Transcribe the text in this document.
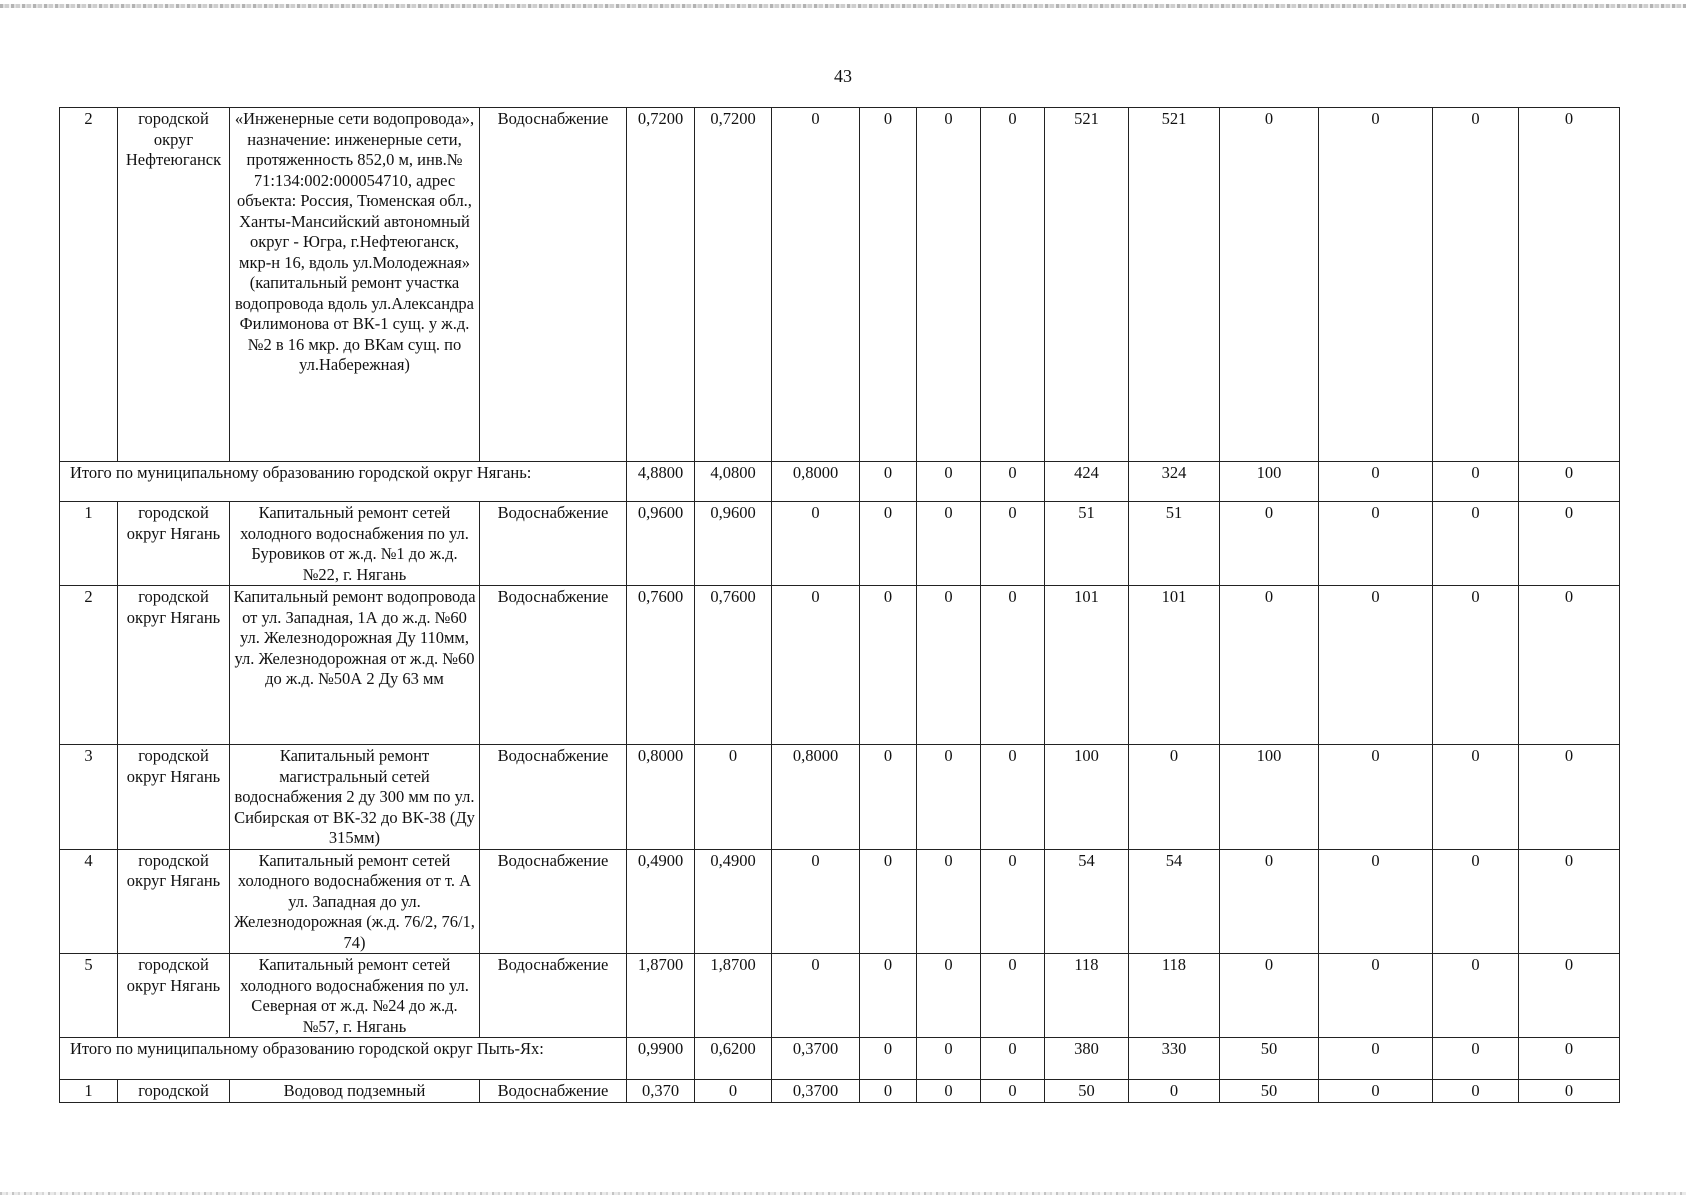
43
2	городской округ Нефтеюганск	«Инженерные сети водопровода», назначение: инженерные сети, протяженность 852,0 м, инв.№ 71:134:002:000054710, адрес объекта: Россия, Тюменская обл., Ханты-Мансийский автономный округ - Югра, г.Нефтеюганск, мкр-н 16, вдоль ул.Молодежная» (капитальный ремонт участка водопровода вдоль ул.Александра Филимонова от ВК-1 сущ. у ж.д.№2 в 16 мкр. до ВКам сущ. по ул.Набережная)	Водоснабжение	0,7200	0,7200	0	0	0	0	521	521	0	0	0	0
Итого по муниципальному образованию городской округ Нягань:				4,8800	4,0800	0,8000	0	0	0	424	324	100	0	0	0
1	городской округ Нягань	Капитальный ремонт сетей холодного водоснабжения по ул. Буровиков от ж.д. №1 до ж.д. №22, г. Нягань	Водоснабжение	0,9600	0,9600	0	0	0	0	51	51	0	0	0	0
2	городской округ Нягань	Капитальный ремонт водопровода от ул. Западная, 1А до ж.д. №60 ул. Железнодорожная Ду 110мм, ул. Железнодорожная от ж.д. №60 до ж.д. №50А 2 Ду 63 мм	Водоснабжение	0,7600	0,7600	0	0	0	0	101	101	0	0	0	0
3	городской округ Нягань	Капитальный ремонт магистральный сетей водоснабжения 2 ду 300 мм по ул. Сибирская от ВК-32 до ВК-38 (Ду 315мм)	Водоснабжение	0,8000	0	0,8000	0	0	0	100	0	100	0	0	0
4	городской округ Нягань	Капитальный ремонт сетей холодного водоснабжения от т. А ул. Западная до ул. Железнодорожная (ж.д. 76/2, 76/1, 74)	Водоснабжение	0,4900	0,4900	0	0	0	0	54	54	0	0	0	0
5	городской округ Нягань	Капитальный ремонт сетей холодного водоснабжения по ул. Северная от ж.д. №24 до ж.д. №57, г. Нягань	Водоснабжение	1,8700	1,8700	0	0	0	0	118	118	0	0	0	0
Итого по муниципальному образованию городской округ Пыть-Ях:				0,9900	0,6200	0,3700	0	0	0	380	330	50	0	0	0
1	городской	Водовод подземный	Водоснабжение	0,370	0	0,3700	0	0	0	50	0	50	0	0	0
